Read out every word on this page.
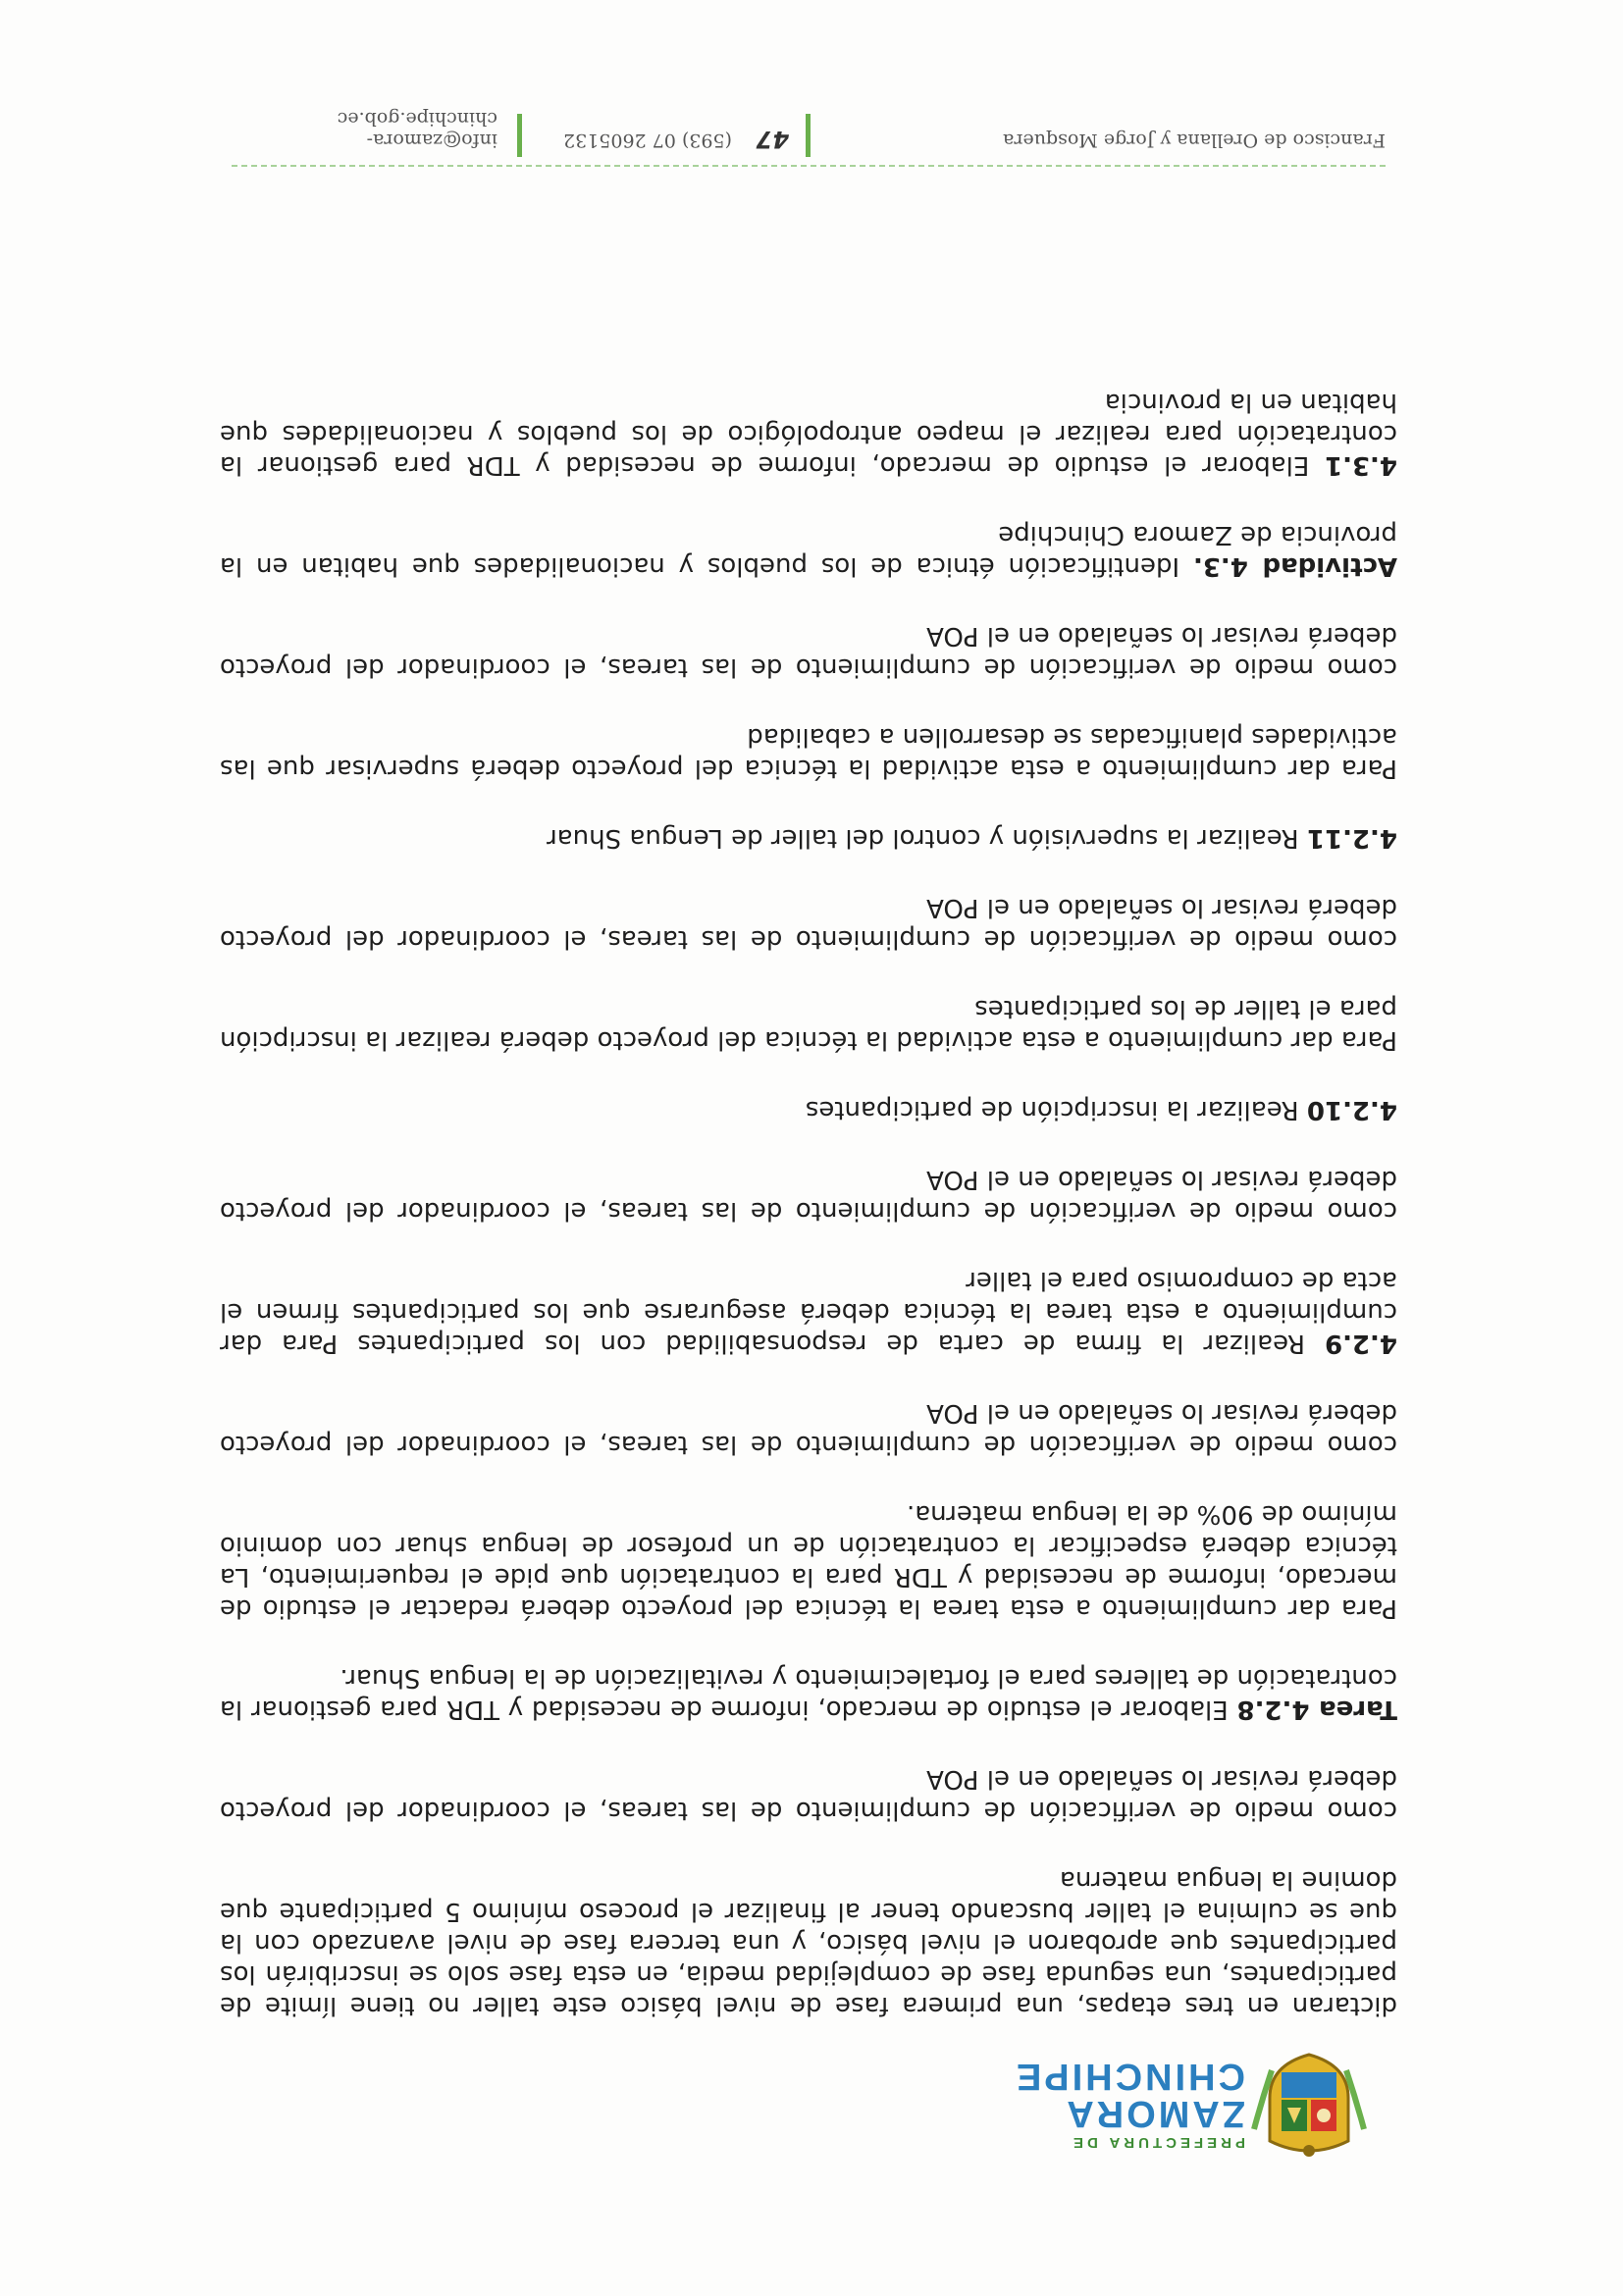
PREFECTURA DE
ZAMORA
CHINCHIPE

dictaran en tres etapas, una primera fase de nivel básico este taller no tiene límite de participantes, una segunda fase de complejidad media, en esta fase solo se inscribirán los participantes que aprobaron el nivel básico, y una tercera fase de nivel avanzado con la que se culmina el taller buscando tener al finalizar el proceso mínimo 5 participante que domine la lengua materna

como medio de verificación de cumplimiento de las tareas, el coordinador del proyecto deberá revisar lo señalado en el POA

Tarea 4.2.8 Elaborar el estudio de mercado, informe de necesidad y TDR para gestionar la contratación de talleres para el fortalecimiento y revitalización de la lengua Shuar.

Para dar cumplimiento a esta tarea la técnica del proyecto deberá redactar el estudio de mercado, informe de necesidad y TDR para la contratación que pide el requerimiento, La técnica deberá especificar la contratación de un profesor de lengua shuar con dominio mínimo de 90% de la lengua materna.

como medio de verificación de cumplimiento de las tareas, el coordinador del proyecto deberá revisar lo señalado en el POA

4.2.9 Realizar la firma de carta de responsabilidad con los participantes Para dar cumplimiento a esta tarea la técnica deberá asegurarse que los participantes firmen el acta de compromiso para el taller

como medio de verificación de cumplimiento de las tareas, el coordinador del proyecto deberá revisar lo señalado en el POA

4.2.10 Realizar la inscripción de participantes

Para dar cumplimiento a esta actividad la técnica del proyecto deberá realizar la inscripción para el taller de los participantes

como medio de verificación de cumplimiento de las tareas, el coordinador del proyecto deberá revisar lo señalado en el POA

4.2.11 Realizar la supervisión y control del taller de Lengua Shuar

Para dar cumplimiento a esta actividad la técnica del proyecto deberá supervisar que las actividades planificadas se desarrollen a cabalidad

como medio de verificación de cumplimiento de las tareas, el coordinador del proyecto deberá revisar lo señalado en el POA

Actividad 4.3. Identificación étnica de los pueblos y nacionalidades que habitan en la provincia de Zamora Chinchipe

4.3.1 Elaborar el estudio de mercado, informe de necesidad y TDR para gestionar la contratación para realizar el mapeo antropológico de los pueblos y nacionalidades que habitan en la provincia

Francisco de Orellana y Jorge Mosquera
47
(593) 07 2605132
info@zamora-chinchipe.gob.ec
